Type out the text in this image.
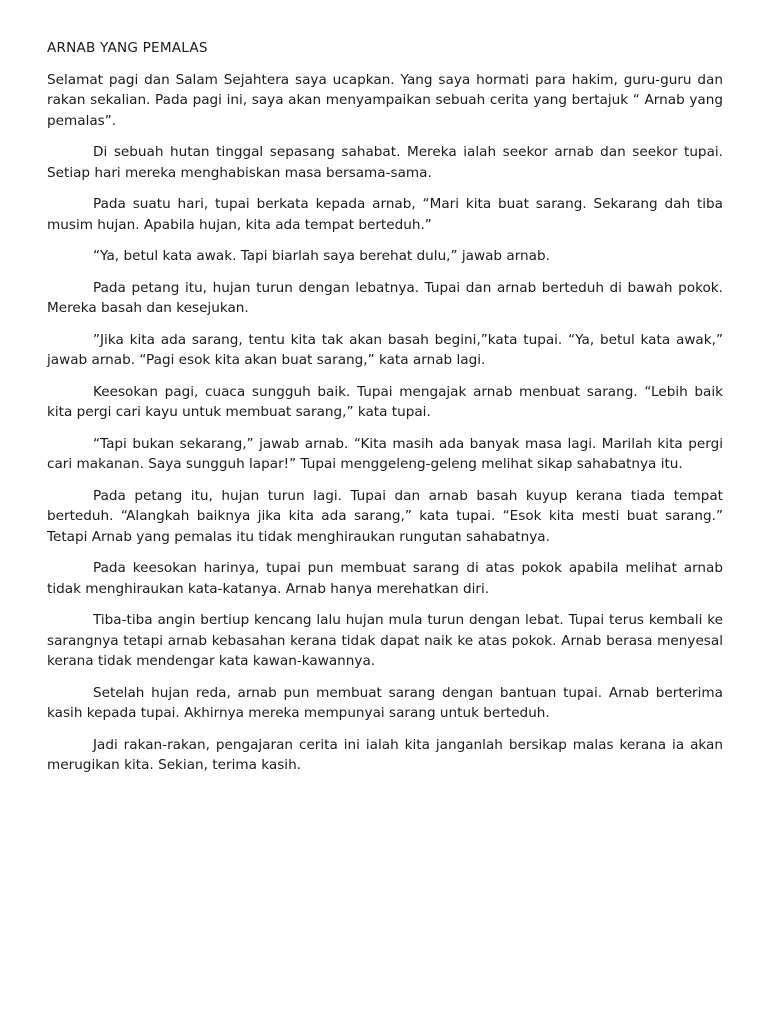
ARNAB YANG PEMALAS

Selamat pagi dan Salam Sejahtera saya ucapkan. Yang saya hormati para hakim, guru-guru dan rakan sekalian. Pada pagi ini, saya akan menyampaikan sebuah cerita yang bertajuk “ Arnab yang pemalas”.

Di sebuah hutan tinggal sepasang sahabat. Mereka ialah seekor arnab dan seekor tupai. Setiap hari mereka menghabiskan masa bersama-sama.

Pada suatu hari, tupai berkata kepada arnab, “Mari kita buat sarang. Sekarang dah tiba musim hujan. Apabila hujan, kita ada tempat berteduh.”

“Ya, betul kata awak. Tapi biarlah saya berehat dulu,” jawab arnab.

Pada petang itu, hujan turun dengan lebatnya. Tupai dan arnab berteduh di bawah pokok. Mereka basah dan kesejukan.

”Jika kita ada sarang, tentu kita tak akan basah begini,”kata tupai. “Ya, betul kata awak,” jawab arnab. “Pagi esok kita akan buat sarang,” kata arnab lagi.

Keesokan pagi, cuaca sungguh baik. Tupai mengajak arnab menbuat sarang. “Lebih baik kita pergi cari kayu untuk membuat sarang,” kata tupai.

“Tapi bukan sekarang,” jawab arnab. “Kita masih ada banyak masa lagi. Marilah kita pergi cari makanan. Saya sungguh lapar!” Tupai menggeleng-geleng melihat sikap sahabatnya itu.

Pada petang itu, hujan turun lagi. Tupai dan arnab basah kuyup kerana tiada tempat berteduh. “Alangkah baiknya jika kita ada sarang,” kata tupai. “Esok kita mesti buat sarang.” Tetapi Arnab yang pemalas itu tidak menghiraukan rungutan sahabatnya.

Pada keesokan harinya, tupai pun membuat sarang di atas pokok apabila melihat arnab tidak menghiraukan kata-katanya. Arnab hanya merehatkan diri.

Tiba-tiba angin bertiup kencang lalu hujan mula turun dengan lebat. Tupai terus kembali ke sarangnya tetapi arnab kebasahan kerana tidak dapat naik ke atas pokok. Arnab berasa menyesal kerana tidak mendengar kata kawan-kawannya.

Setelah hujan reda, arnab pun membuat sarang dengan bantuan tupai. Arnab berterima kasih kepada tupai. Akhirnya mereka mempunyai sarang untuk berteduh.

Jadi rakan-rakan, pengajaran cerita ini ialah kita janganlah bersikap malas kerana ia akan merugikan kita. Sekian, terima kasih.
